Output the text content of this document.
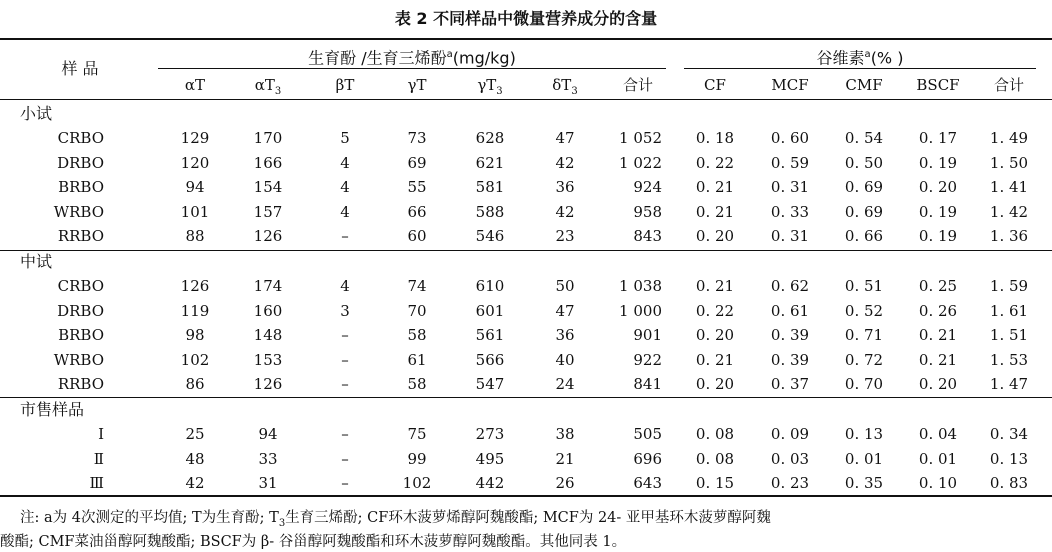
表 2 不同样品中微量营养成分的含量
样 品
生育酚 /生育三烯酚$^a$(mg/kg)	谷维素$^a$(% )
αT	$\alpha T_3$	βT	γT	$\gamma T_3$	$\delta T_3$	合计	CF	MCF	CMF	BSCF	合计
小试
CRBO	129	170	5	73	628	47	1 052	0. 18	0. 60	0. 54	0. 17	1. 49
DRBO	120	166	4	69	621	42	1 022	0. 22	0. 59	0. 50	0. 19	1. 50
BRBO	94	154	4	55	581	36	924	0. 21	0. 31	0. 69	0. 20	1. 41
WRBO	101	157	4	66	588	42	958	0. 21	0. 33	0. 69	0. 19	1. 42
RRBO	88	126	–	60	546	23	843	0. 20	0. 31	0. 66	0. 19	1. 36
中试
CRBO	126	174	4	74	610	50	1 038	0. 21	0. 62	0. 51	0. 25	1. 59
DRBO	119	160	3	70	601	47	1 000	0. 22	0. 61	0. 52	0. 26	1. 61
BRBO	98	148	–	58	561	36	901	0. 20	0. 39	0. 71	0. 21	1. 51
WRBO	102	153	–	61	566	40	922	0. 21	0. 39	0. 72	0. 21	1. 53
RRBO	86	126	–	58	547	24	841	0. 20	0. 37	0. 70	0. 20	1. 47
市售样品
Ⅰ	25	94	–	75	273	38	505	0. 08	0. 09	0. 13	0. 04	0. 34
Ⅱ	48	33	–	99	495	21	696	0. 08	0. 03	0. 01	0. 01	0. 13
Ⅲ	42	31	–	102	442	26	643	0. 15	0. 23	0. 35	0. 10	0. 83
注: a为 4次测定的平均值; T为生育酚; $T_3$生育三烯酚; CF环木菠萝烯醇阿魏酸酯; MCF为 24- 亚甲基环木菠萝醇阿魏
酸酯; CMF菜油甾醇阿魏酸酯; BSCF为 β- 谷甾醇阿魏酸酯和环木菠萝醇阿魏酸酯。其他同表 1。
